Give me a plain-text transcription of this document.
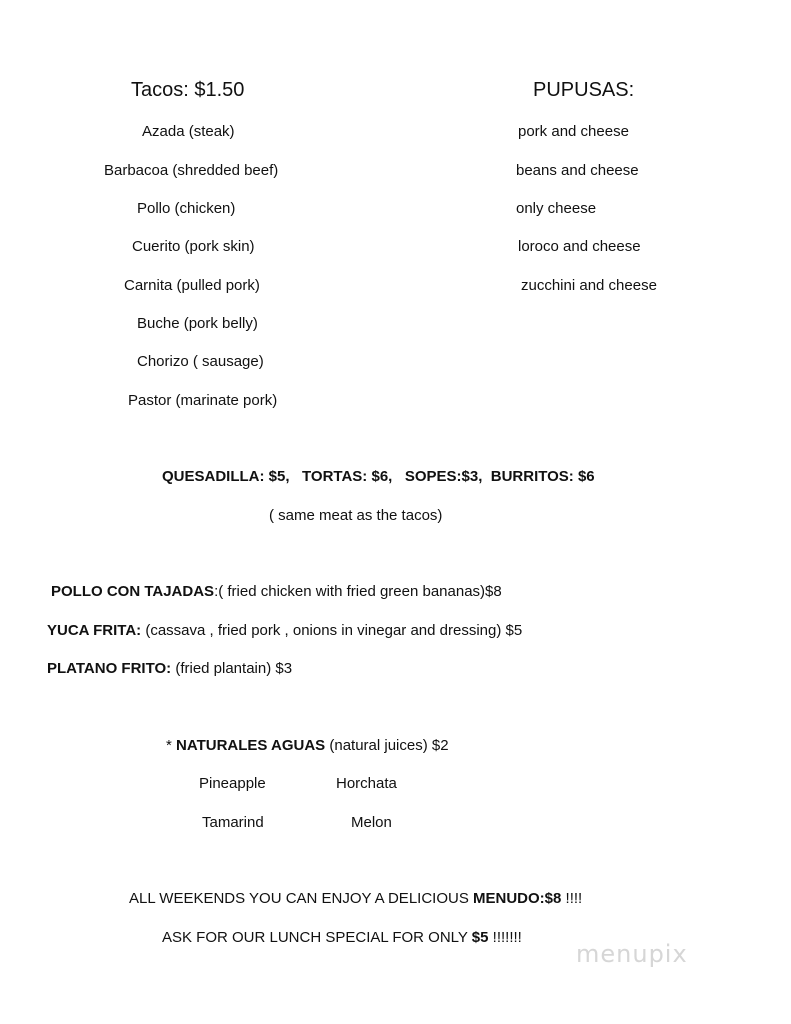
Tacos: $1.50
Azada (steak)
Barbacoa (shredded beef)
Pollo (chicken)
Cuerito (pork skin)
Carnita (pulled pork)
Buche (pork belly)
Chorizo ( sausage)
Pastor (marinate pork)
PUPUSAS:
pork and cheese
beans and cheese
only cheese
loroco and cheese
zucchini and cheese
QUESADILLA: $5, TORTAS: $6, SOPES:$3, BURRITOS: $6
( same meat as the tacos)
POLLO CON TAJADAS:( fried chicken with fried green bananas)$8
YUCA FRITA: (cassava , fried pork , onions in vinegar and dressing) $5
PLATANO FRITO: (fried plantain) $3
* NATURALES AGUAS (natural juices) $2
Pineapple	Horchata
Tamarind	Melon
ALL WEEKENDS YOU CAN ENJOY A DELICIOUS MENUDO:$8 !!!!
ASK FOR OUR LUNCH SPECIAL FOR ONLY $5 !!!!!!!
menupix
